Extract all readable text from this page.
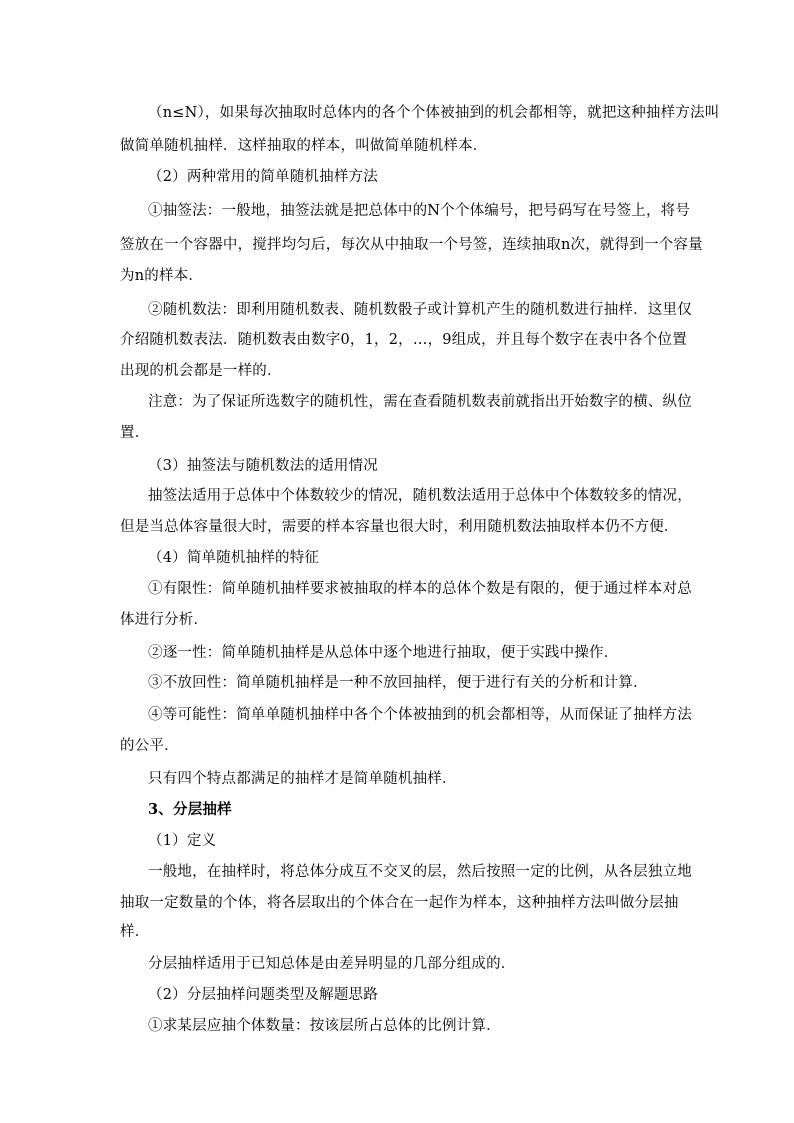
（n≤N），如果每次抽取时总体内的各个个体被抽到的机会都相等，就把这种抽样方法叫
做简单随机抽样．这样抽取的样本，叫做简单随机样本．
（2）两种常用的简单随机抽样方法
①抽签法：一般地，抽签法就是把总体中的N个个体编号，把号码写在号签上，将号
签放在一个容器中，搅拌均匀后，每次从中抽取一个号签，连续抽取n次，就得到一个容量
为n的样本．
②随机数法：即利用随机数表、随机数骰子或计算机产生的随机数进行抽样．这里仅
介绍随机数表法．随机数表由数字0，1，2，…，9组成，并且每个数字在表中各个位置
出现的机会都是一样的．
注意：为了保证所选数字的随机性，需在查看随机数表前就指出开始数字的横、纵位
置．
（3）抽签法与随机数法的适用情况
抽签法适用于总体中个体数较少的情况，随机数法适用于总体中个体数较多的情况，
但是当总体容量很大时，需要的样本容量也很大时，利用随机数法抽取样本仍不方便．
（4）简单随机抽样的特征
①有限性：简单随机抽样要求被抽取的样本的总体个数是有限的，便于通过样本对总
体进行分析．
②逐一性：简单随机抽样是从总体中逐个地进行抽取，便于实践中操作．
③不放回性：简单随机抽样是一种不放回抽样，便于进行有关的分析和计算．
④等可能性：简单单随机抽样中各个个体被抽到的机会都相等，从而保证了抽样方法
的公平．
只有四个特点都满足的抽样才是简单随机抽样．
3、分层抽样
（1）定义
一般地，在抽样时，将总体分成互不交叉的层，然后按照一定的比例，从各层独立地
抽取一定数量的个体，将各层取出的个体合在一起作为样本，这种抽样方法叫做分层抽
样．
分层抽样适用于已知总体是由差异明显的几部分组成的．
（2）分层抽样问题类型及解题思路
①求某层应抽个体数量：按该层所占总体的比例计算．
